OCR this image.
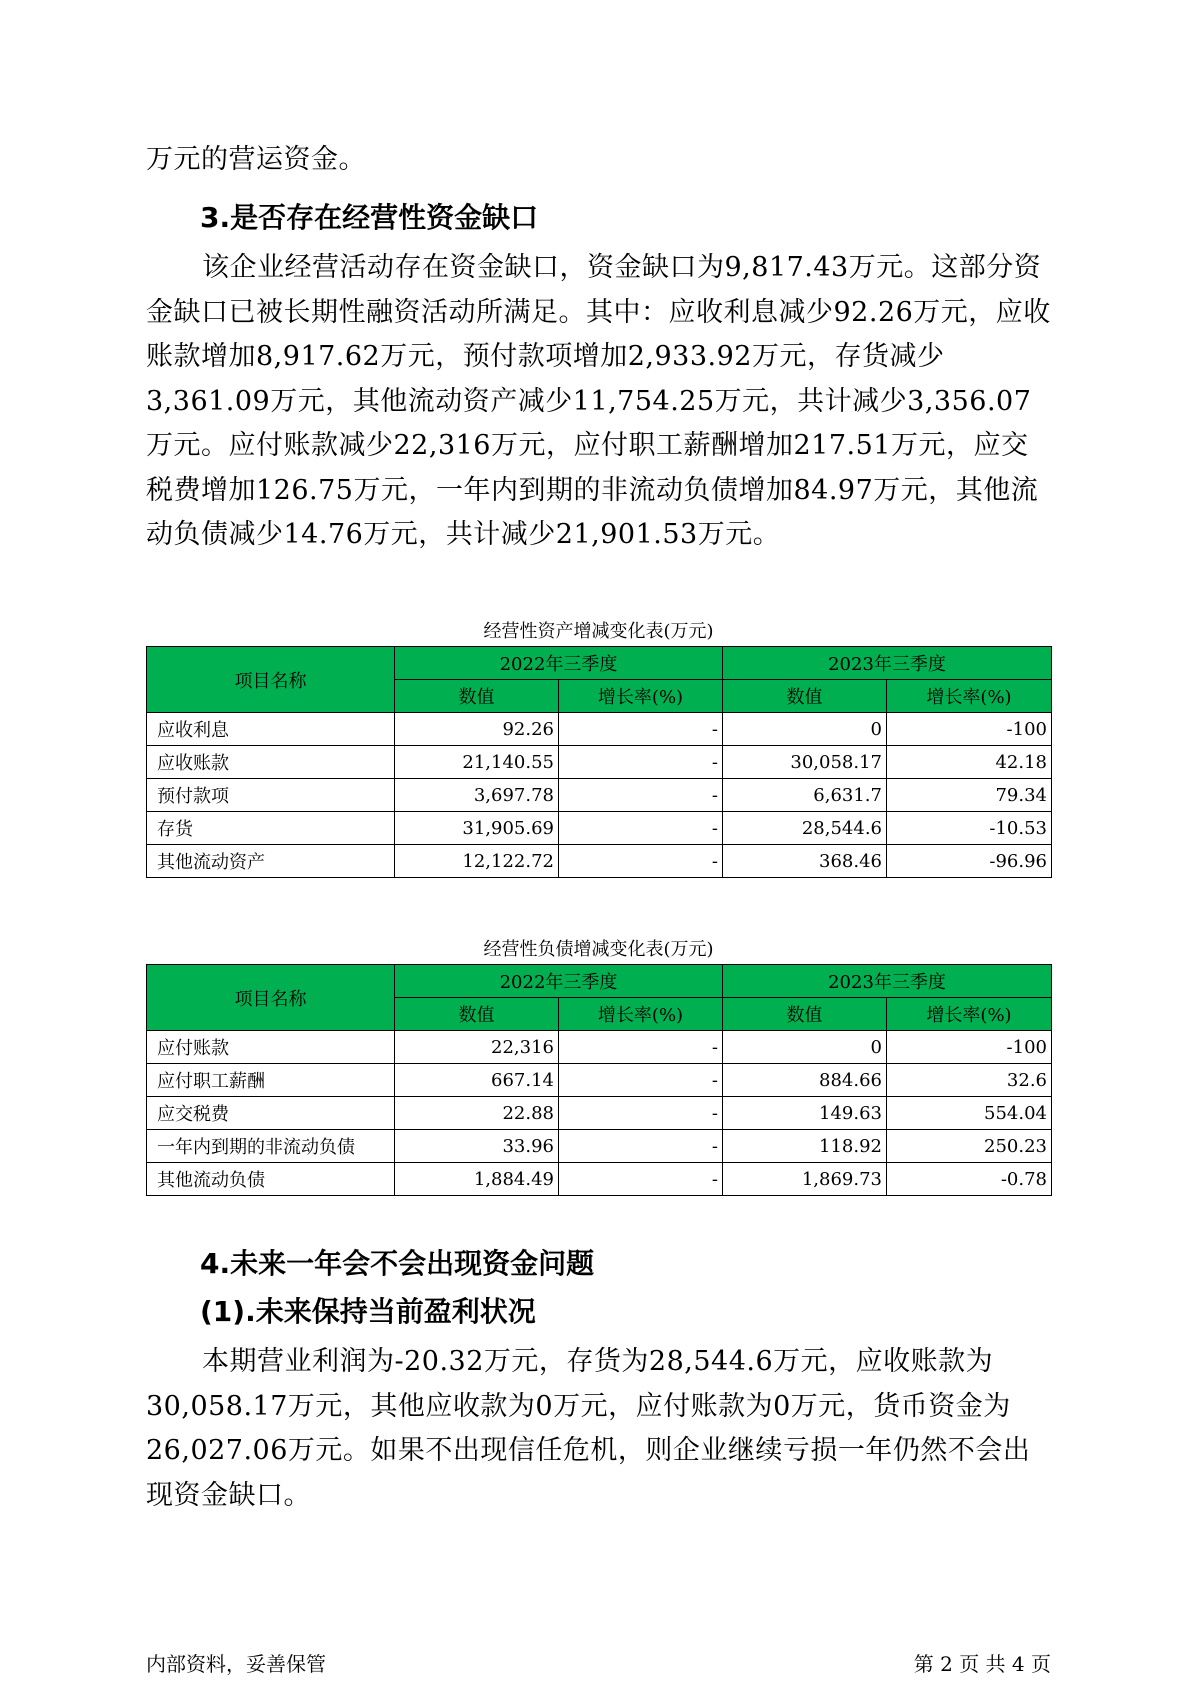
万元的营运资金。

3.是否存在经营性资金缺口

该企业经营活动存在资金缺口，资金缺口为9,817.43万元。这部分资金缺口已被长期性融资活动所满足。其中：应收利息减少92.26万元，应收账款增加8,917.62万元，预付款项增加2,933.92万元，存货减少3,361.09万元，其他流动资产减少11,754.25万元，共计减少3,356.07万元。应付账款减少22,316万元，应付职工薪酬增加217.51万元，应交税费增加126.75万元，一年内到期的非流动负债增加84.97万元，其他流动负债减少14.76万元，共计减少21,901.53万元。

经营性资产增减变化表(万元)

项目名称	2022年三季度		2023年三季度	
	数值	增长率(%)	数值	增长率(%)
应收利息	92.26	-	0	-100
应收账款	21,140.55	-	30,058.17	42.18
预付款项	3,697.78	-	6,631.7	79.34
存货	31,905.69	-	28,544.6	-10.53
其他流动资产	12,122.72	-	368.46	-96.96

经营性负债增减变化表(万元)

项目名称	2022年三季度		2023年三季度	
	数值	增长率(%)	数值	增长率(%)
应付账款	22,316	-	0	-100
应付职工薪酬	667.14	-	884.66	32.6
应交税费	22.88	-	149.63	554.04
一年内到期的非流动负债	33.96	-	118.92	250.23
其他流动负债	1,884.49	-	1,869.73	-0.78
4.未来一年会不会出现资金问题
(1).未来保持当前盈利状况

本期营业利润为-20.32万元，存货为28,544.6万元，应收账款为30,058.17万元，其他应收款为0万元，应付账款为0万元，货币资金为26,027.06万元。如果不出现信任危机，则企业继续亏损一年仍然不会出现资金缺口。

内部资料，妥善保管	第 2 页 共 4 页
